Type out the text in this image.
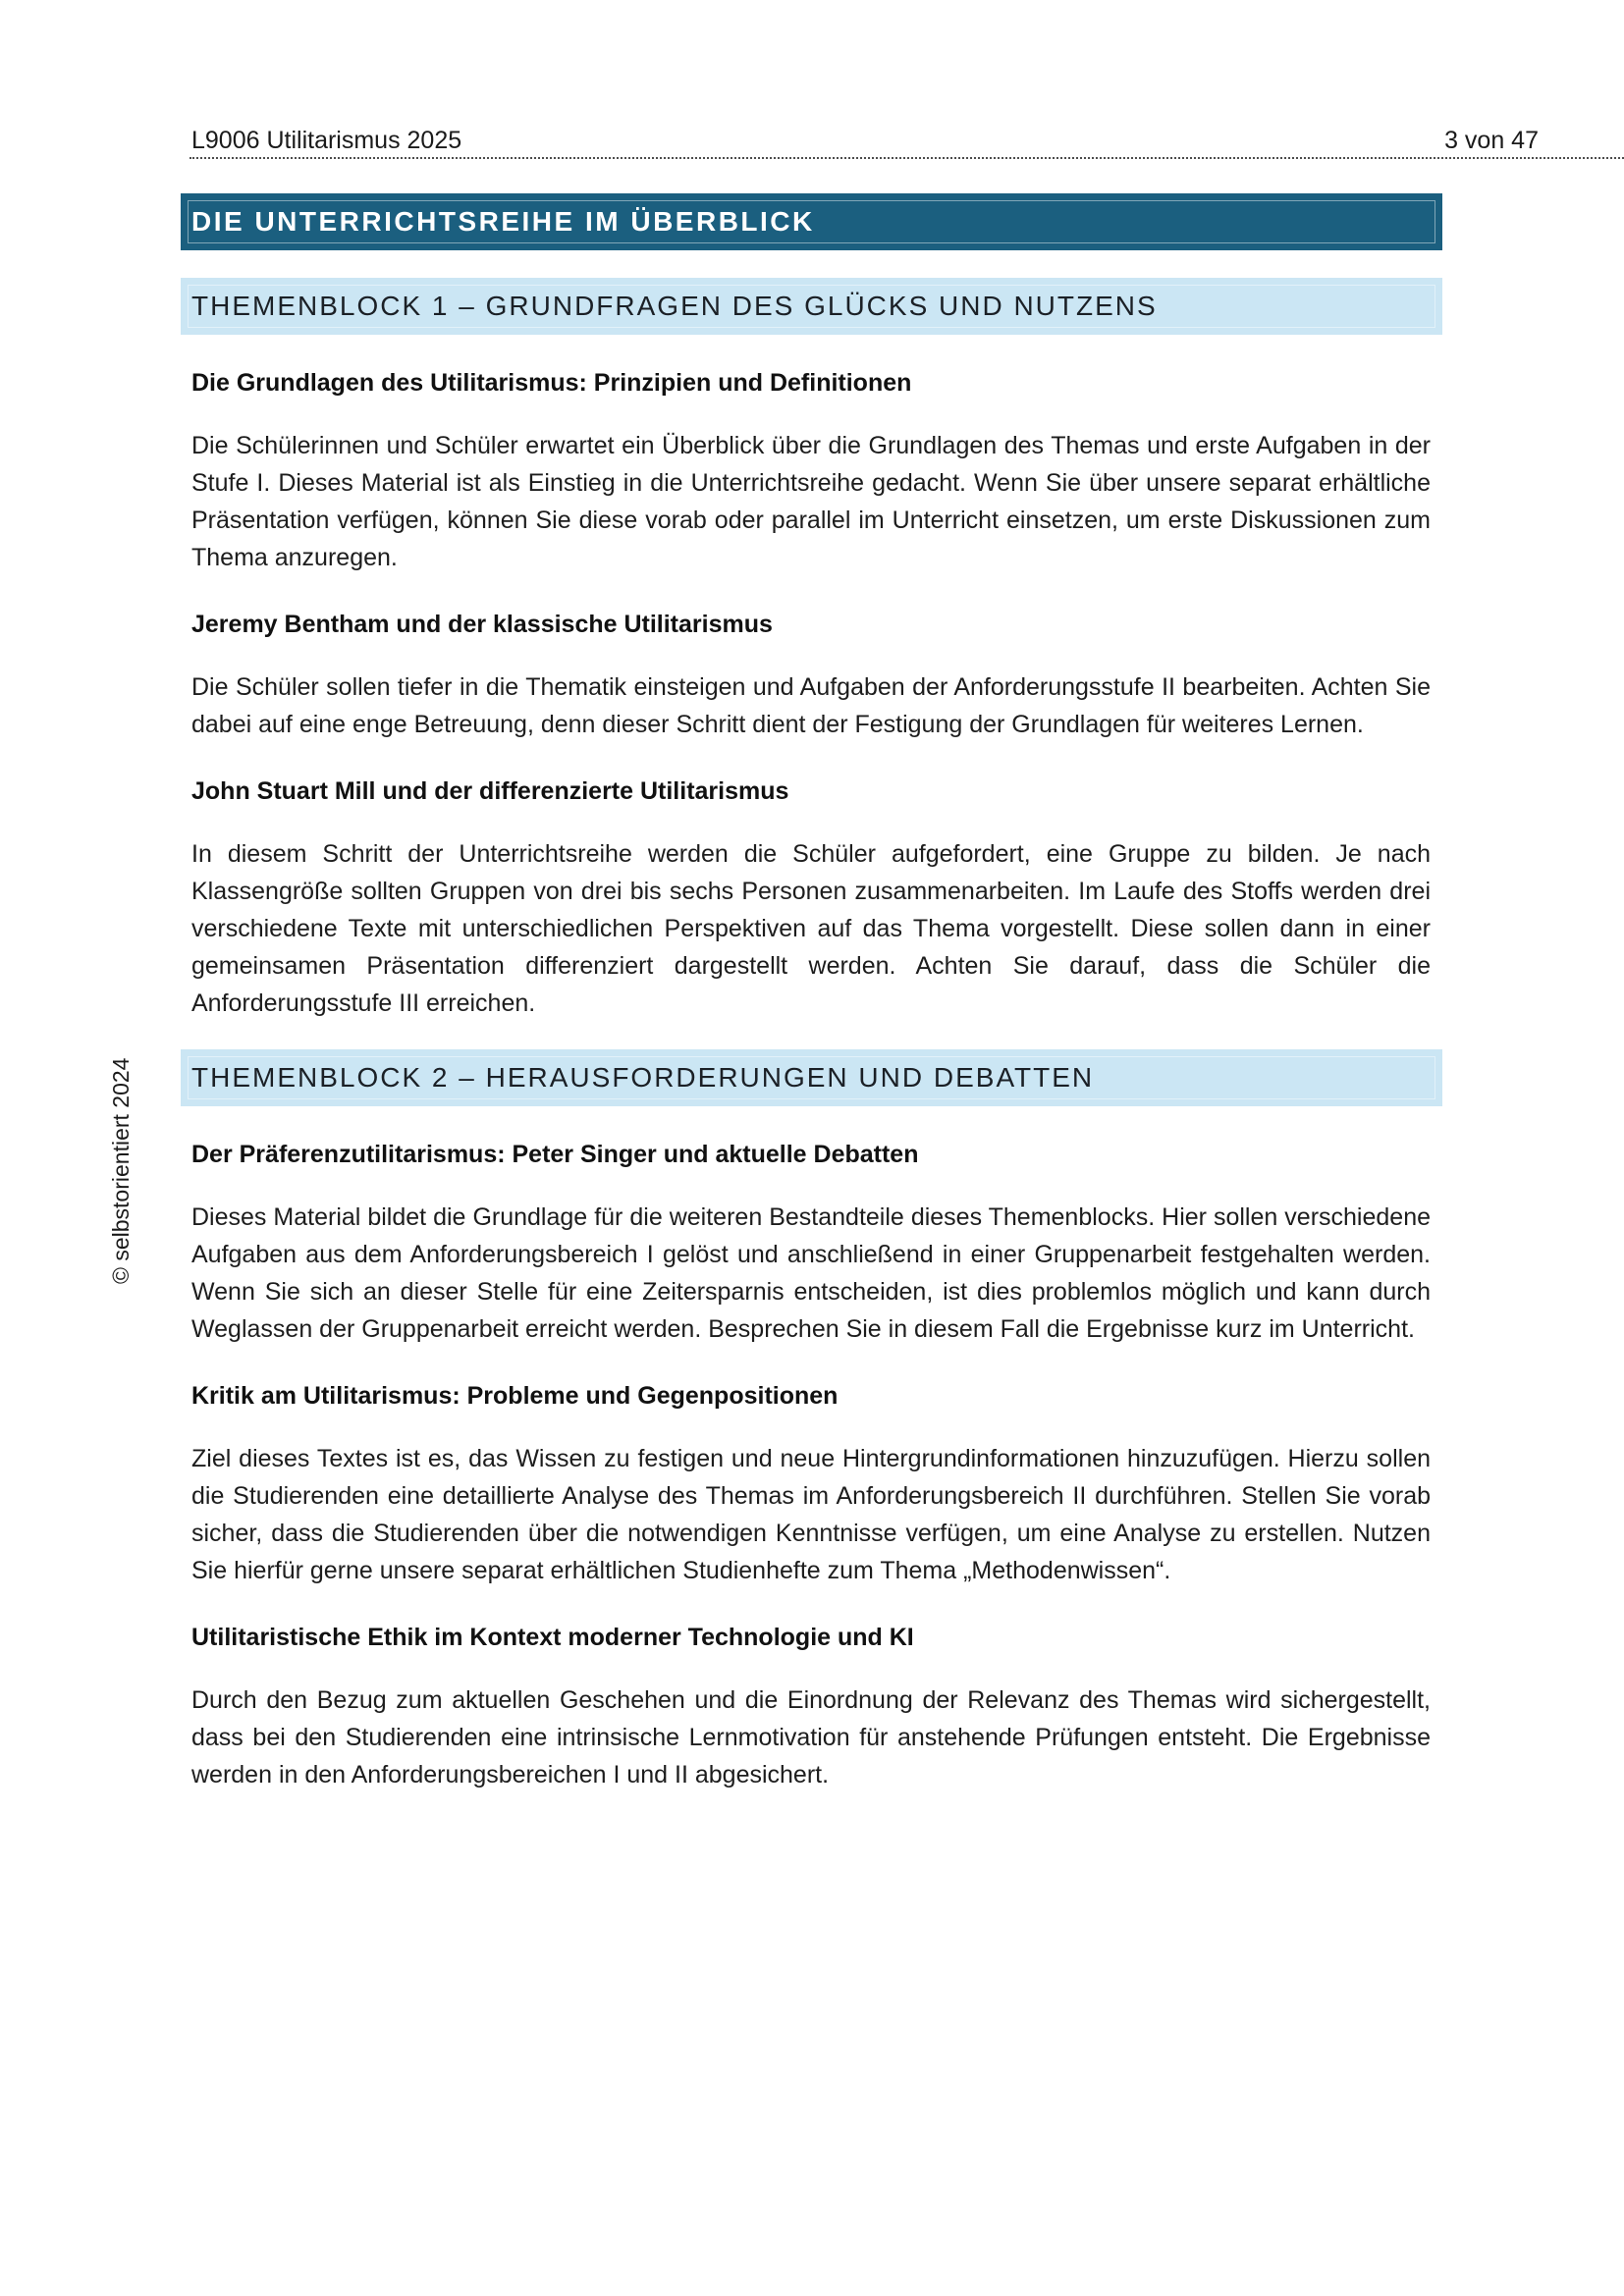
L9006 Utilitarismus 2025	3 von 47
© selbstorientiert 2024
DIE UNTERRICHTSREIHE IM ÜBERBLICK
THEMENBLOCK 1 – GRUNDFRAGEN DES GLÜCKS UND NUTZENS
Die Grundlagen des Utilitarismus: Prinzipien und Definitionen
Die Schülerinnen und Schüler erwartet ein Überblick über die Grundlagen des Themas und erste Aufgaben in der Stufe I. Dieses Material ist als Einstieg in die Unterrichtsreihe gedacht. Wenn Sie über unsere separat erhältliche Präsentation verfügen, können Sie diese vorab oder parallel im Unterricht einsetzen, um erste Diskussionen zum Thema anzuregen.
Jeremy Bentham und der klassische Utilitarismus
Die Schüler sollen tiefer in die Thematik einsteigen und Aufgaben der Anforderungsstufe II bearbeiten. Achten Sie dabei auf eine enge Betreuung, denn dieser Schritt dient der Festigung der Grundlagen für weiteres Lernen.
John Stuart Mill und der differenzierte Utilitarismus
In diesem Schritt der Unterrichtsreihe werden die Schüler aufgefordert, eine Gruppe zu bilden. Je nach Klassengröße sollten Gruppen von drei bis sechs Personen zusammenarbeiten. Im Laufe des Stoffs werden drei verschiedene Texte mit unterschiedlichen Perspektiven auf das Thema vorgestellt. Diese sollen dann in einer gemeinsamen Präsentation differenziert dargestellt werden. Achten Sie darauf, dass die Schüler die Anforderungsstufe III erreichen.
THEMENBLOCK 2 – HERAUSFORDERUNGEN UND DEBATTEN
Der Präferenzutilitarismus: Peter Singer und aktuelle Debatten
Dieses Material bildet die Grundlage für die weiteren Bestandteile dieses Themenblocks. Hier sollen verschiedene Aufgaben aus dem Anforderungsbereich I gelöst und anschließend in einer Gruppenarbeit festgehalten werden. Wenn Sie sich an dieser Stelle für eine Zeitersparnis entscheiden, ist dies problemlos möglich und kann durch Weglassen der Gruppenarbeit erreicht werden. Besprechen Sie in diesem Fall die Ergebnisse kurz im Unterricht.
Kritik am Utilitarismus: Probleme und Gegenpositionen
Ziel dieses Textes ist es, das Wissen zu festigen und neue Hintergrundinformationen hinzuzufügen. Hierzu sollen die Studierenden eine detaillierte Analyse des Themas im Anforderungsbereich II durchführen. Stellen Sie vorab sicher, dass die Studierenden über die notwendigen Kenntnisse verfügen, um eine Analyse zu erstellen. Nutzen Sie hierfür gerne unsere separat erhältlichen Studienhefte zum Thema „Methodenwissen“.
Utilitaristische Ethik im Kontext moderner Technologie und KI
Durch den Bezug zum aktuellen Geschehen und die Einordnung der Relevanz des Themas wird sichergestellt, dass bei den Studierenden eine intrinsische Lernmotivation für anstehende Prüfungen entsteht. Die Ergebnisse werden in den Anforderungsbereichen I und II abgesichert.
